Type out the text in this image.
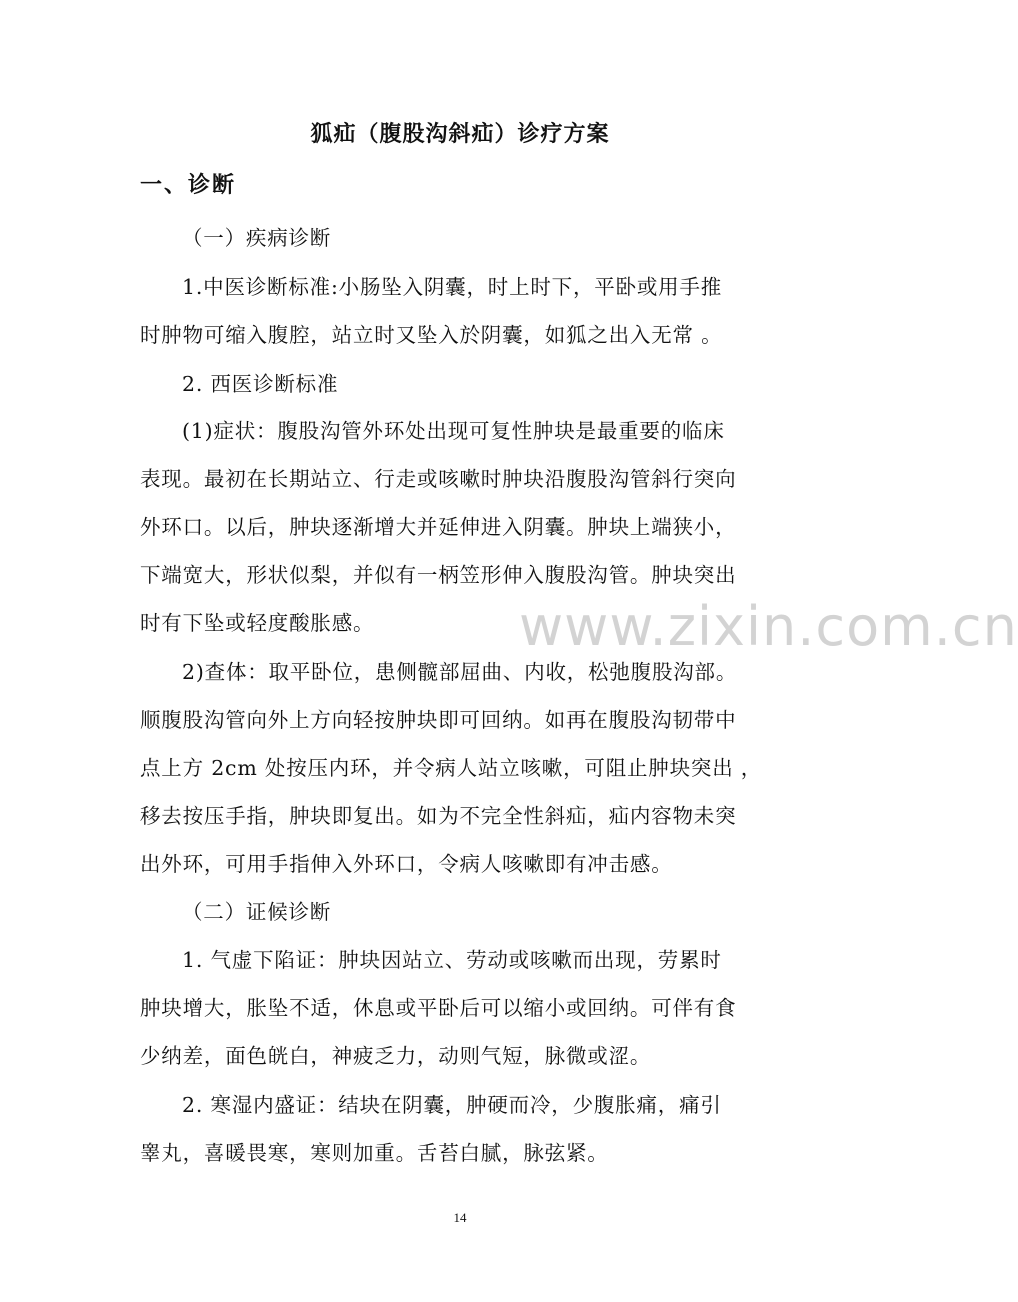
狐疝（腹股沟斜疝）诊疗方案
一、诊断
（一）疾病诊断
1.中医诊断标准:小肠坠入阴囊，时上时下，平卧或用手推
时肿物可缩入腹腔，站立时又坠入於阴囊，如狐之出入无常 。
2. 西医诊断标准
(1)症状：腹股沟管外环处出现可复性肿块是最重要的临床
表现。最初在长期站立、行走或咳嗽时肿块沿腹股沟管斜行突向
外环口。以后，肿块逐渐增大并延伸进入阴囊。肿块上端狭小，
下端宽大，形状似梨，并似有一柄笠形伸入腹股沟管。肿块突出
时有下坠或轻度酸胀感。
2)查体：取平卧位，患侧髋部屈曲、内收，松弛腹股沟部。
顺腹股沟管向外上方向轻按肿块即可回纳。如再在腹股沟韧带中
点上方 2cm 处按压内环，并令病人站立咳嗽，可阻止肿块突出 ，
移去按压手指，肿块即复出。如为不完全性斜疝，疝内容物未突
出外环，可用手指伸入外环口，令病人咳嗽即有冲击感。
（二）证候诊断
1. 气虚下陷证：肿块因站立、劳动或咳嗽而出现，劳累时
肿块增大，胀坠不适，休息或平卧后可以缩小或回纳。可伴有食
少纳差，面色㿠白，神疲乏力，动则气短，脉微或涩。
2. 寒湿内盛证：结块在阴囊，肿硬而冷，少腹胀痛，痛引
睾丸，喜暖畏寒，寒则加重。舌苔白腻，脉弦紧。
www.zixin.com.cn
14
